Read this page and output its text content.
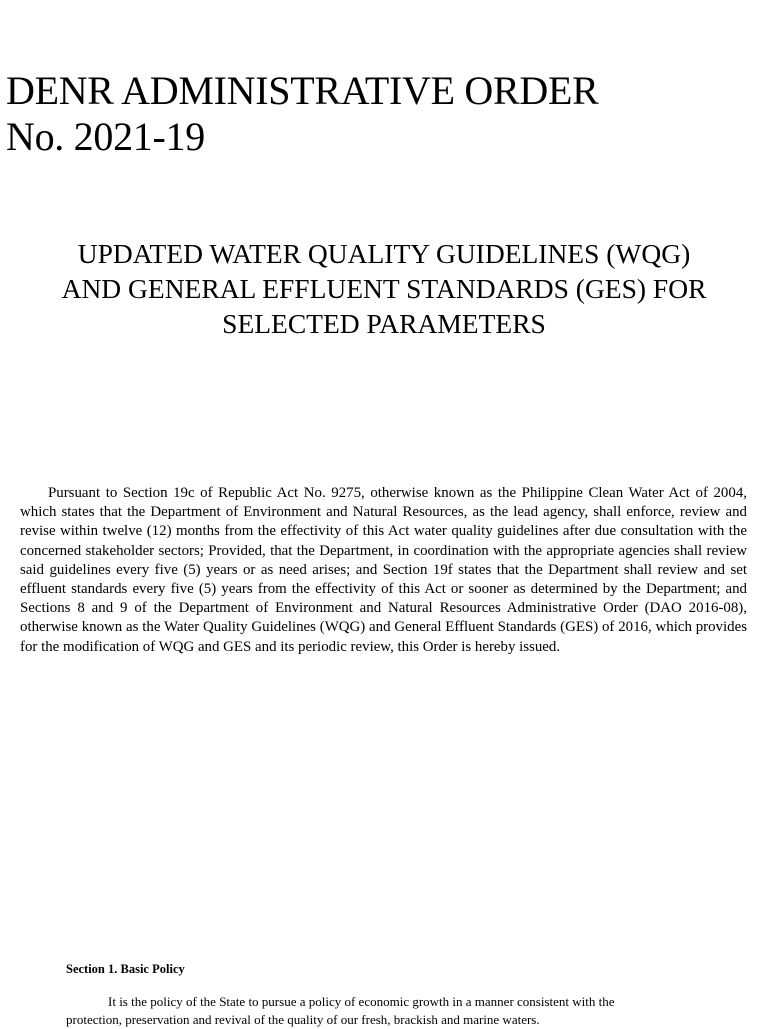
DENR ADMINISTRATIVE ORDER
No. 2021-19
UPDATED WATER QUALITY GUIDELINES (WQG)
AND GENERAL EFFLUENT STANDARDS (GES) FOR
SELECTED PARAMETERS

Pursuant to Section 19c of Republic Act No. 9275, otherwise known as the Philippine Clean Water Act of 2004, which states that the Department of Environment and Natural Resources, as the lead agency, shall enforce, review and revise within twelve (12) months from the effectivity of this Act water quality guidelines after due consultation with the concerned stakeholder sectors; Provided, that the Department, in coordination with the appropriate agencies shall review said guidelines every five (5) years or as need arises; and Section 19f states that the Department shall review and set effluent standards every five (5) years from the effectivity of this Act or sooner as determined by the Department; and Sections 8 and 9 of the Department of Environment and Natural Resources Administrative Order (DAO 2016-08), otherwise known as the Water Quality Guidelines (WQG) and General Effluent Standards (GES) of 2016, which provides for the modification of WQG and GES and its periodic review, this Order is hereby issued.

Section 1. Basic Policy

It is the policy of the State to pursue a policy of economic growth in a manner consistent with the protection, preservation and revival of the quality of our fresh, brackish and marine waters.
